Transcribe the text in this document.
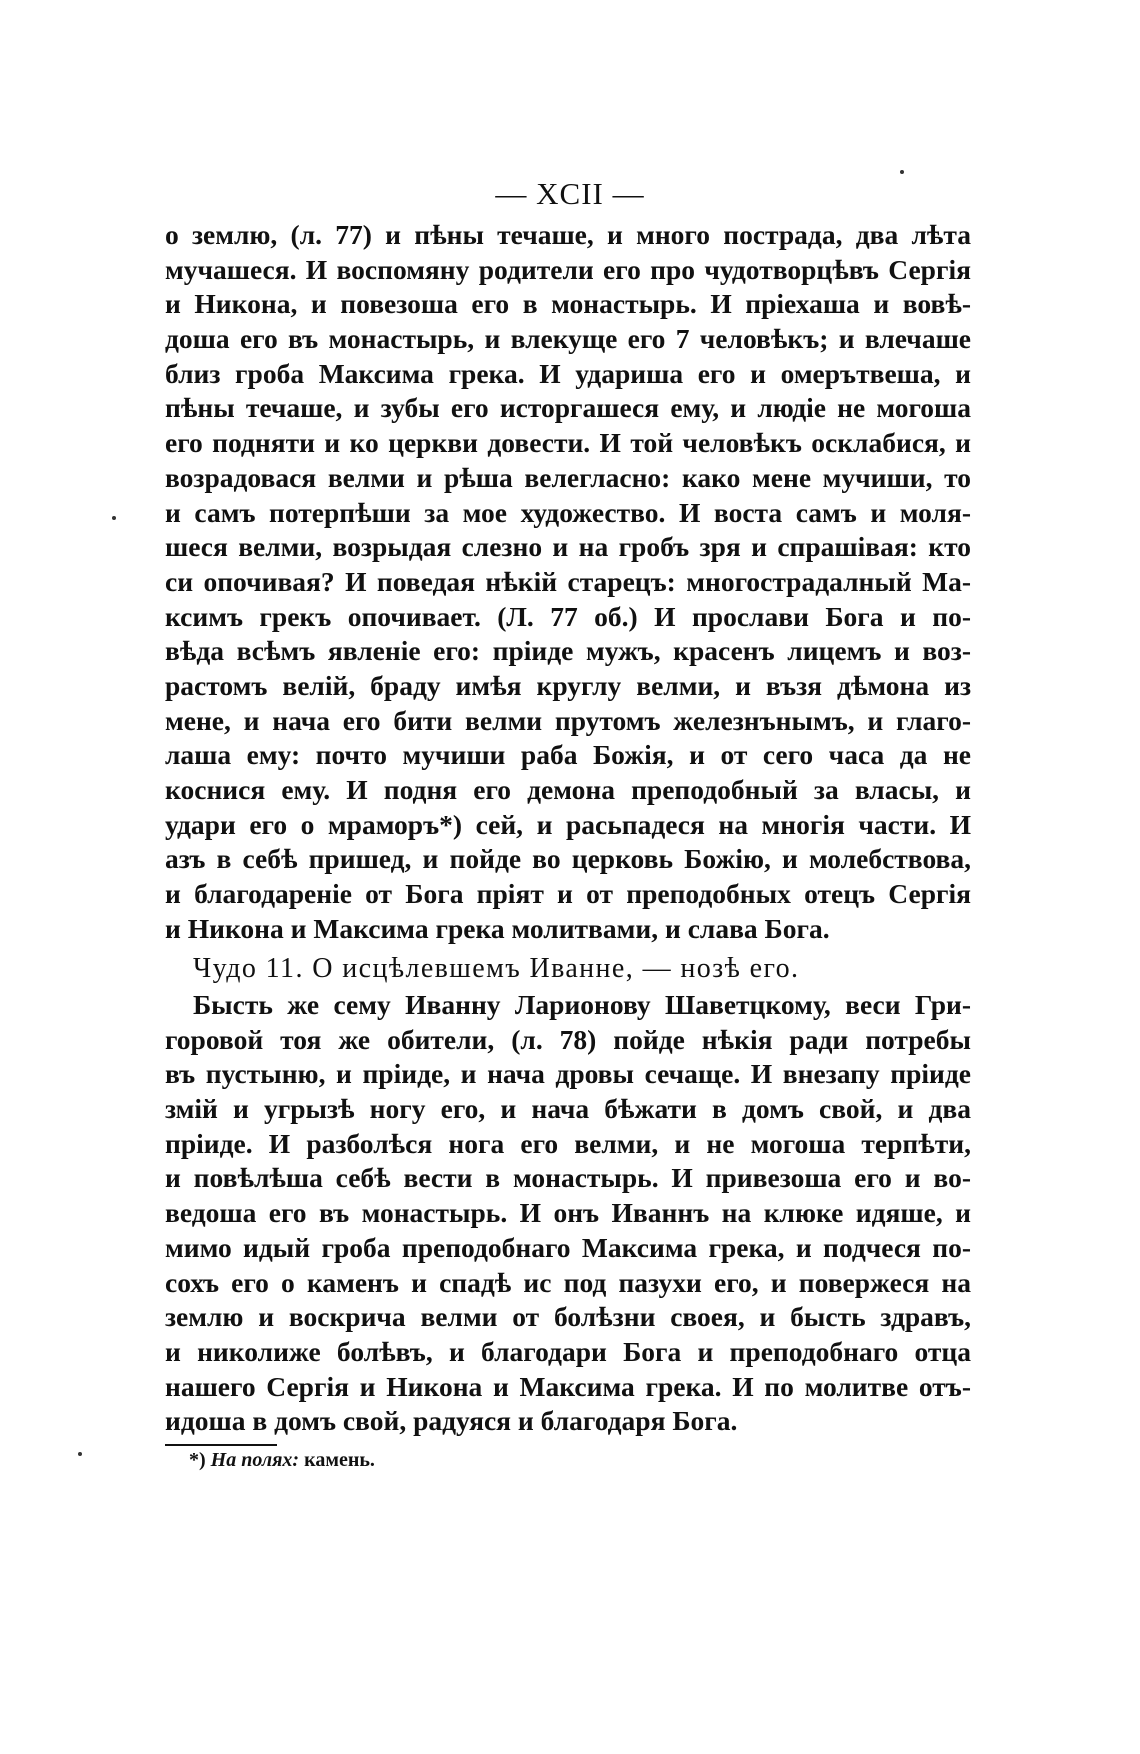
— XCII —
о землю, (л. 77) и пѣны течаше, и много пострада, два лѣта
мучашеся. И воспомяну родители его про чудотворцѣвъ Сергія
и Никона, и повезоша его в монастырь. И пріехаша и вовѣ-
доша его въ монастырь, и влекуще его 7 человѣкъ; и влечаше
близ гроба Максима грека. И удариша его и омерътвеша, и
пѣны течаше, и зубы его исторгашеся ему, и людіе не могоша
его подняти и ко церкви довести. И той человѣкъ осклабися, и
возрадовася велми и рѣша велегласно: како мене мучиши, то
и самъ потерпѣши за мое художество. И воста самъ и моля-
шеся велми, возрыдая слезно и на гробъ зря и спрашівая: кто
си опочивая? И поведая нѣкій старецъ: многострадалный Ма-
ксимъ грекъ опочивает. (Л. 77 об.) И прослави Бога и по-
вѣда всѣмъ явленіе его: пріиде мужъ, красенъ лицемъ и воз-
растомъ велій, браду имѣя круглу велми, и възя дѣмона из
мене, и нача его бити велми прутомъ железнънымъ, и глаго-
лаша ему: почто мучиши раба Божія, и от сего часа да не
коснися ему. И подня его демона преподобный за власы, и
удари его о мраморъ*) сей, и расьпадеся на многія части. И
азъ в себѣ пришед, и пойде во церковь Божію, и молебствова,
и благодареніе от Бога пріят и от преподобных отецъ Сергія
и Никона и Максима грека молитвами, и слава Бога.
Чудо 11. О исцѣлевшемъ Иванне, — нозѣ его.
Бысть же сему Иванну Ларионову Шаветцкому, веси Гри-
горовой тоя же обители, (л. 78) пойде нѣкія ради потребы
въ пустыню, и пріиде, и нача дровы сечаще. И внезапу пріиде
змій и угрызѣ ногу его, и нача бѣжати в домъ свой, и два
пріиде. И разболѣся нога его велми, и не могоша терпѣти,
и повѣлѣша себѣ вести в монастырь. И привезоша его и во-
ведоша его въ монастырь. И онъ Иваннъ на клюке идяше, и
мимо идый гроба преподобнаго Максима грека, и подчеся по-
сохъ его о каменъ и спадѣ ис под пазухи его, и повержеся на
землю и воскрича велми от болѣзни своея, и бысть здравъ,
и николиже болѣвъ, и благодари Бога и преподобнаго отца
нашего Сергія и Никона и Максима грека. И по молитве отъ-
идоша в домъ свой, радуяся и благодаря Бога.
*) На полях: камень.
